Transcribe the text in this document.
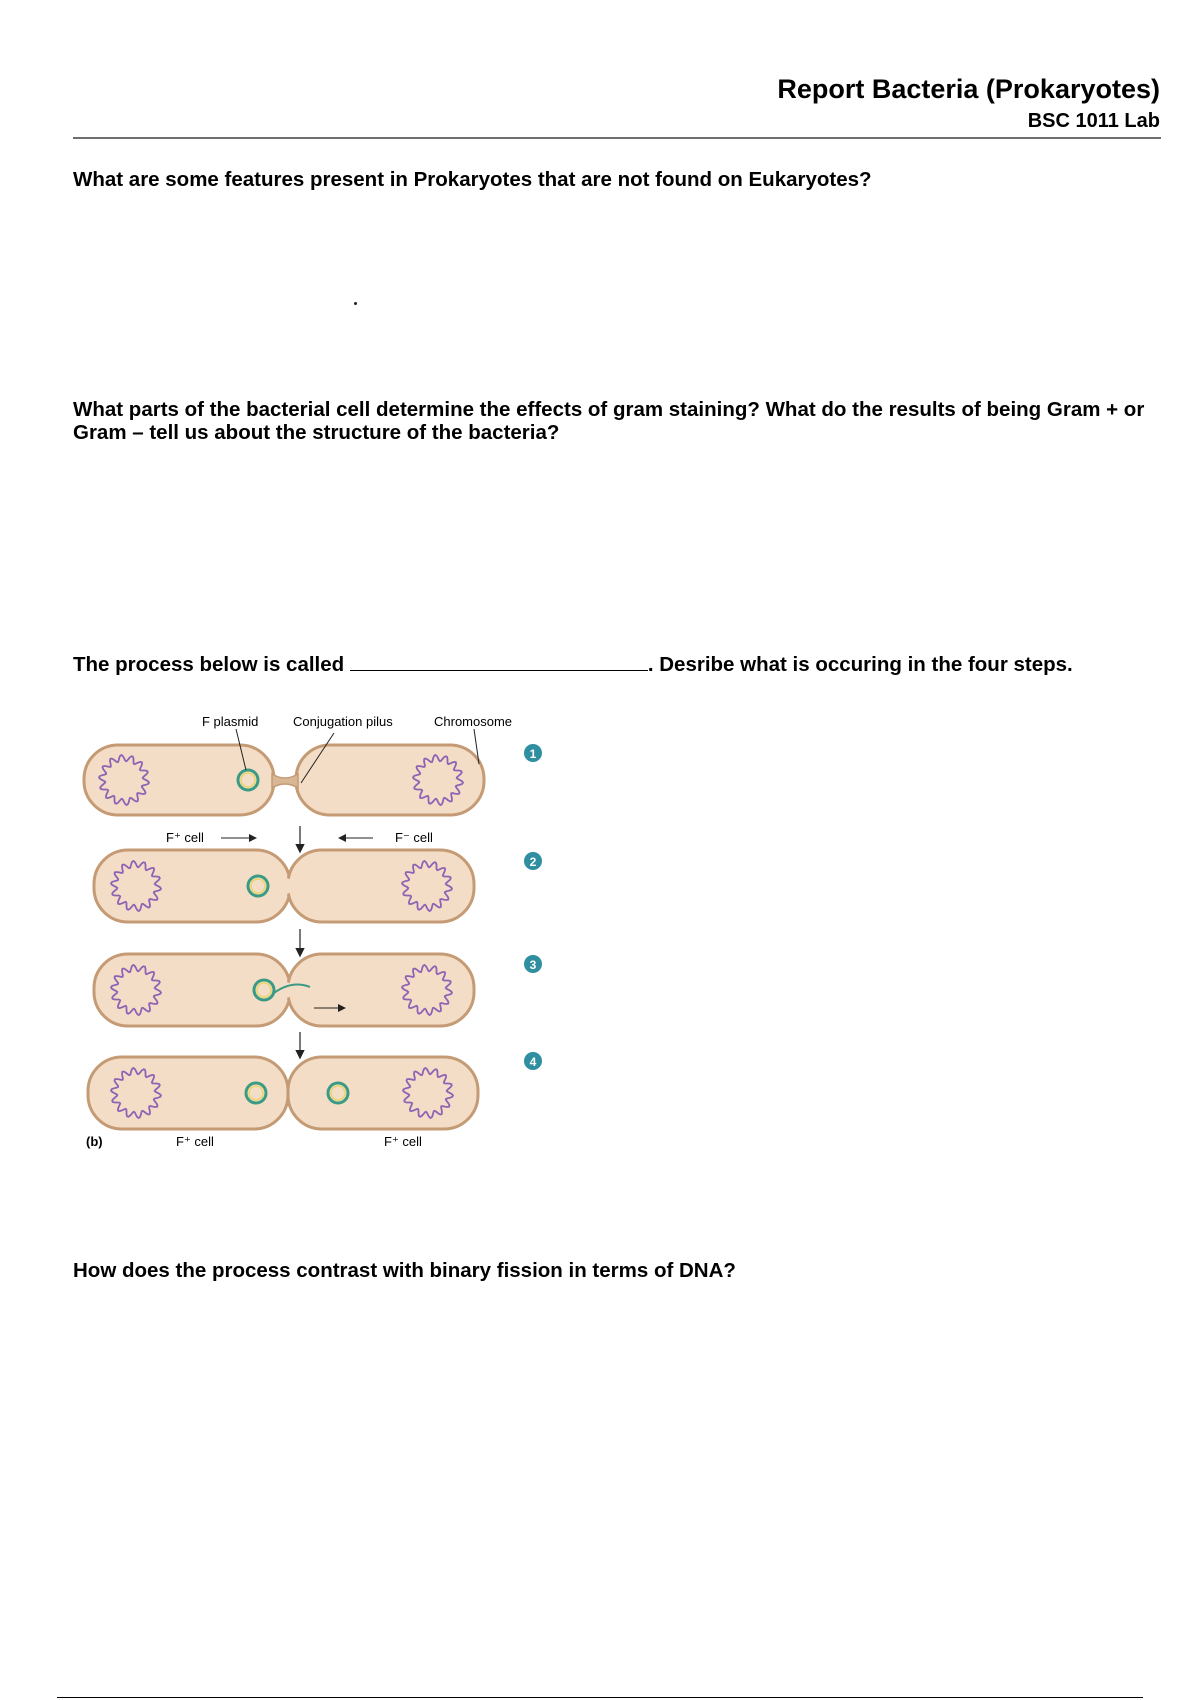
Report Bacteria (Prokaryotes)
BSC 1011 Lab
What are some features present in Prokaryotes that are not found on Eukaryotes?
What parts of the bacterial cell determine the effects of gram staining? What do the results of being Gram + or Gram – tell us about the structure of the bacteria?
The process below is called	. Desribe what is occuring in the four steps.
F plasmid	Conjugation pilus	Chromosome
F⁺ cell	F⁻ cell
1
2
3
4
(b)	F⁺ cell	F⁺ cell
How does the process contrast with binary fission in terms of DNA?
